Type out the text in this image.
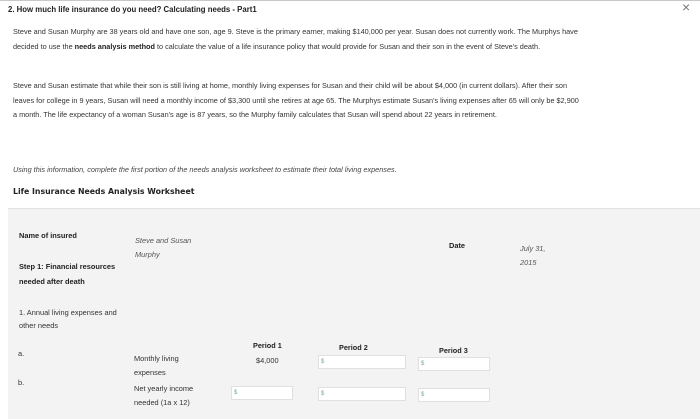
2. How much life insurance do you need? Calculating needs - Part1	×
Steve and Susan Murphy are 38 years old and have one son, age 9. Steve is the primary earner, making $140,000 per year. Susan does not currently work. The Murphys have decided to use the needs analysis method to calculate the value of a life insurance policy that would provide for Susan and their son in the event of Steve's death.
Steve and Susan estimate that while their son is still living at home, monthly living expenses for Susan and their child will be about $4,000 (in current dollars). After their son leaves for college in 9 years, Susan will need a monthly income of $3,300 until she retires at age 65. The Murphys estimate Susan's living expenses after 65 will only be $2,900 a month. The life expectancy of a woman Susan's age is 87 years, so the Murphy family calculates that Susan will spend about 22 years in retirement.
Using this information, complete the first portion of the needs analysis worksheet to estimate their total living expenses.
Life Insurance Needs Analysis Worksheet
Name of insured
Steve and Susan Murphy
Date	July 31, 2015
Step 1: Financial resources needed after death
1. Annual living expenses and other needs
Period 1	Period 2	Period 3
a.
Monthly living expenses
$4,000	$	$
b.
Net yearly income needed (1a x 12)
$	$	$
